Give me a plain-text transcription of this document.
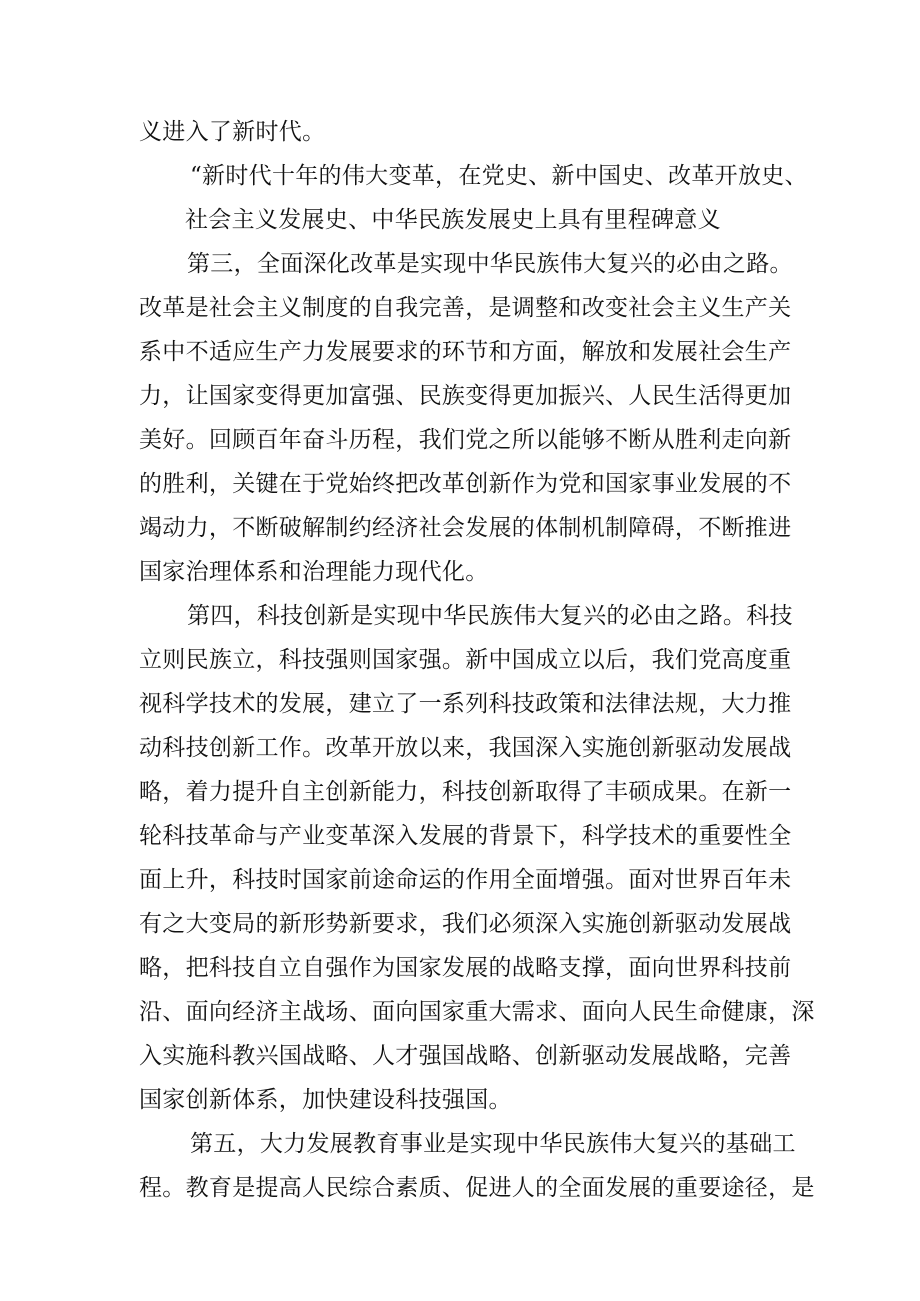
义进入了新时代。
“新时代十年的伟大变革，在党史、新中国史、改革开放史、
社会主义发展史、中华民族发展史上具有里程碑意义
第三，全面深化改革是实现中华民族伟大复兴的必由之路。
改革是社会主义制度的自我完善，是调整和改变社会主义生产关
系中不适应生产力发展要求的环节和方面，解放和发展社会生产
力，让国家变得更加富强、民族变得更加振兴、人民生活得更加
美好。回顾百年奋斗历程，我们党之所以能够不断从胜利走向新
的胜利，关键在于党始终把改革创新作为党和国家事业发展的不
竭动力，不断破解制约经济社会发展的体制机制障碍，不断推进
国家治理体系和治理能力现代化。
第四，科技创新是实现中华民族伟大复兴的必由之路。科技
立则民族立，科技强则国家强。新中国成立以后，我们党高度重
视科学技术的发展，建立了一系列科技政策和法律法规，大力推
动科技创新工作。改革开放以来，我国深入实施创新驱动发展战
略，着力提升自主创新能力，科技创新取得了丰硕成果。在新一
轮科技革命与产业变革深入发展的背景下，科学技术的重要性全
面上升，科技时国家前途命运的作用全面增强。面对世界百年未
有之大变局的新形势新要求，我们必须深入实施创新驱动发展战
略，把科技自立自强作为国家发展的战略支撑，面向世界科技前
沿、面向经济主战场、面向国家重大需求、面向人民生命健康，深
入实施科教兴国战略、人才强国战略、创新驱动发展战略，完善
国家创新体系，加快建设科技强国。
第五，大力发展教育事业是实现中华民族伟大复兴的基础工
程。教育是提高人民综合素质、促进人的全面发展的重要途径，是
